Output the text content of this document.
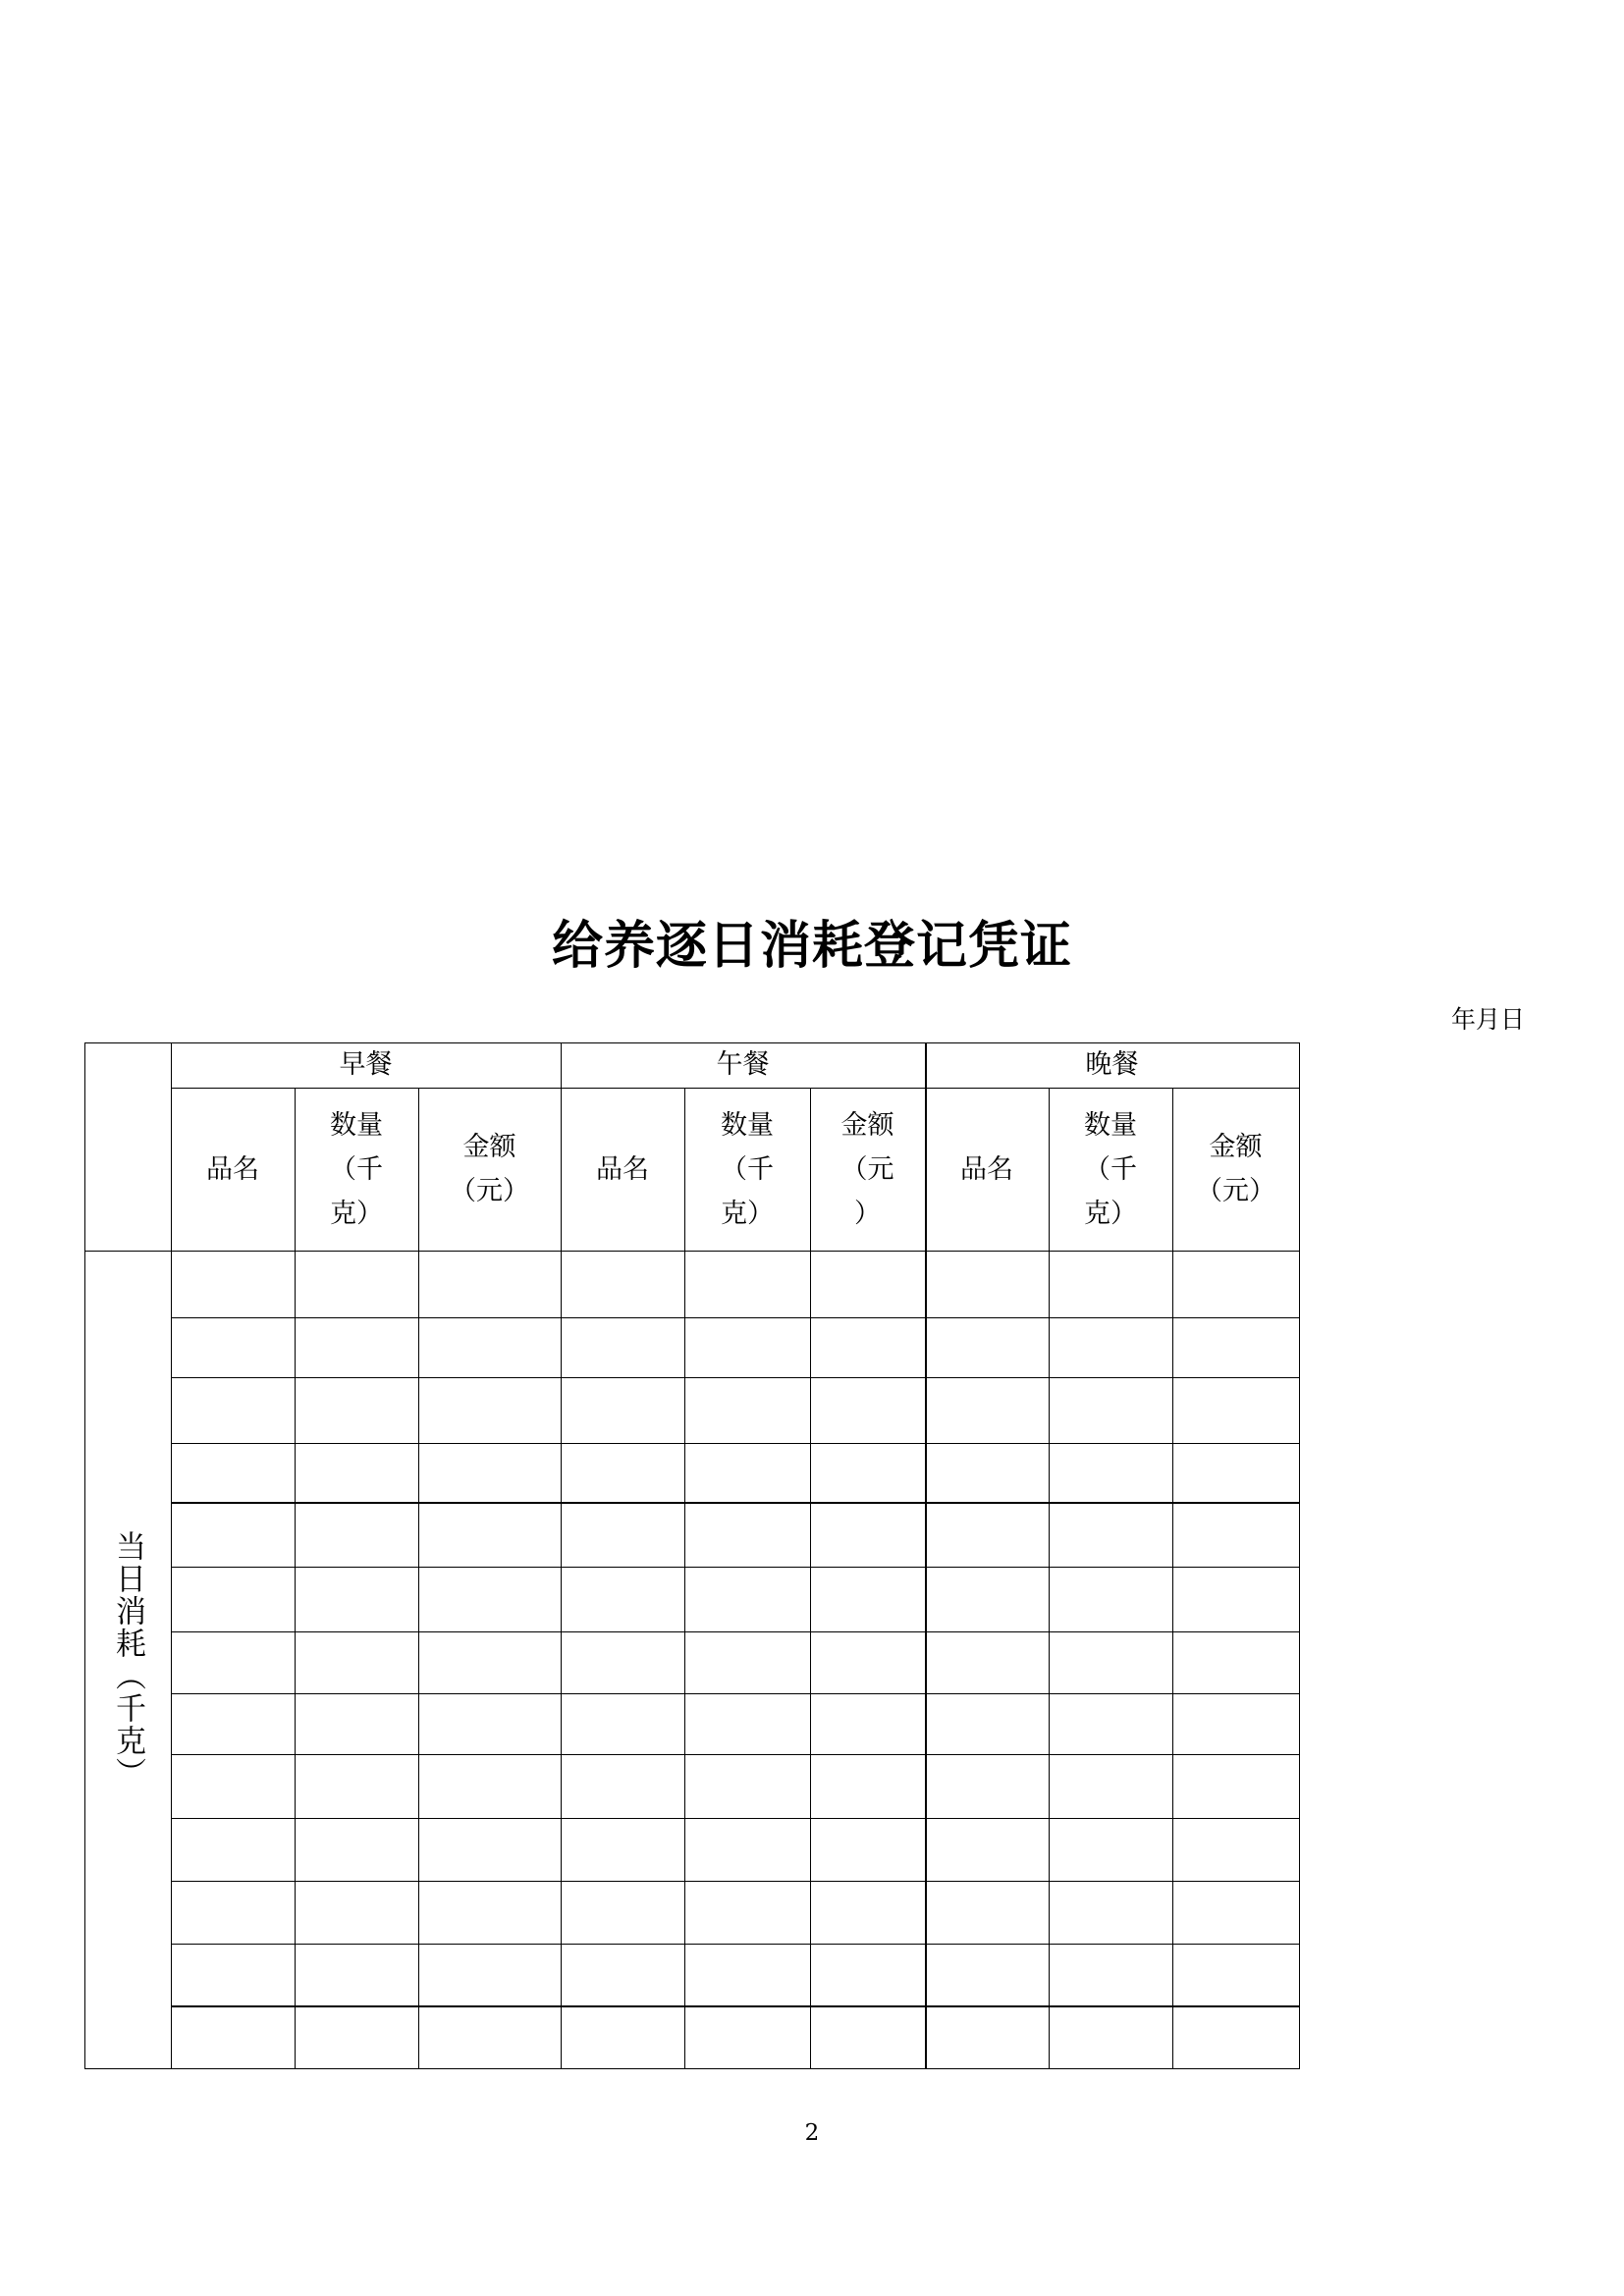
给养逐日消耗登记凭证
年月日
当日消耗（千克）
早餐
品名
数量
（千
克）
金额
（元）
午餐
品名
数量
（千
克）
金额
（元
）
晚餐
品名
数量
（千
克）
金额
（元）
2
